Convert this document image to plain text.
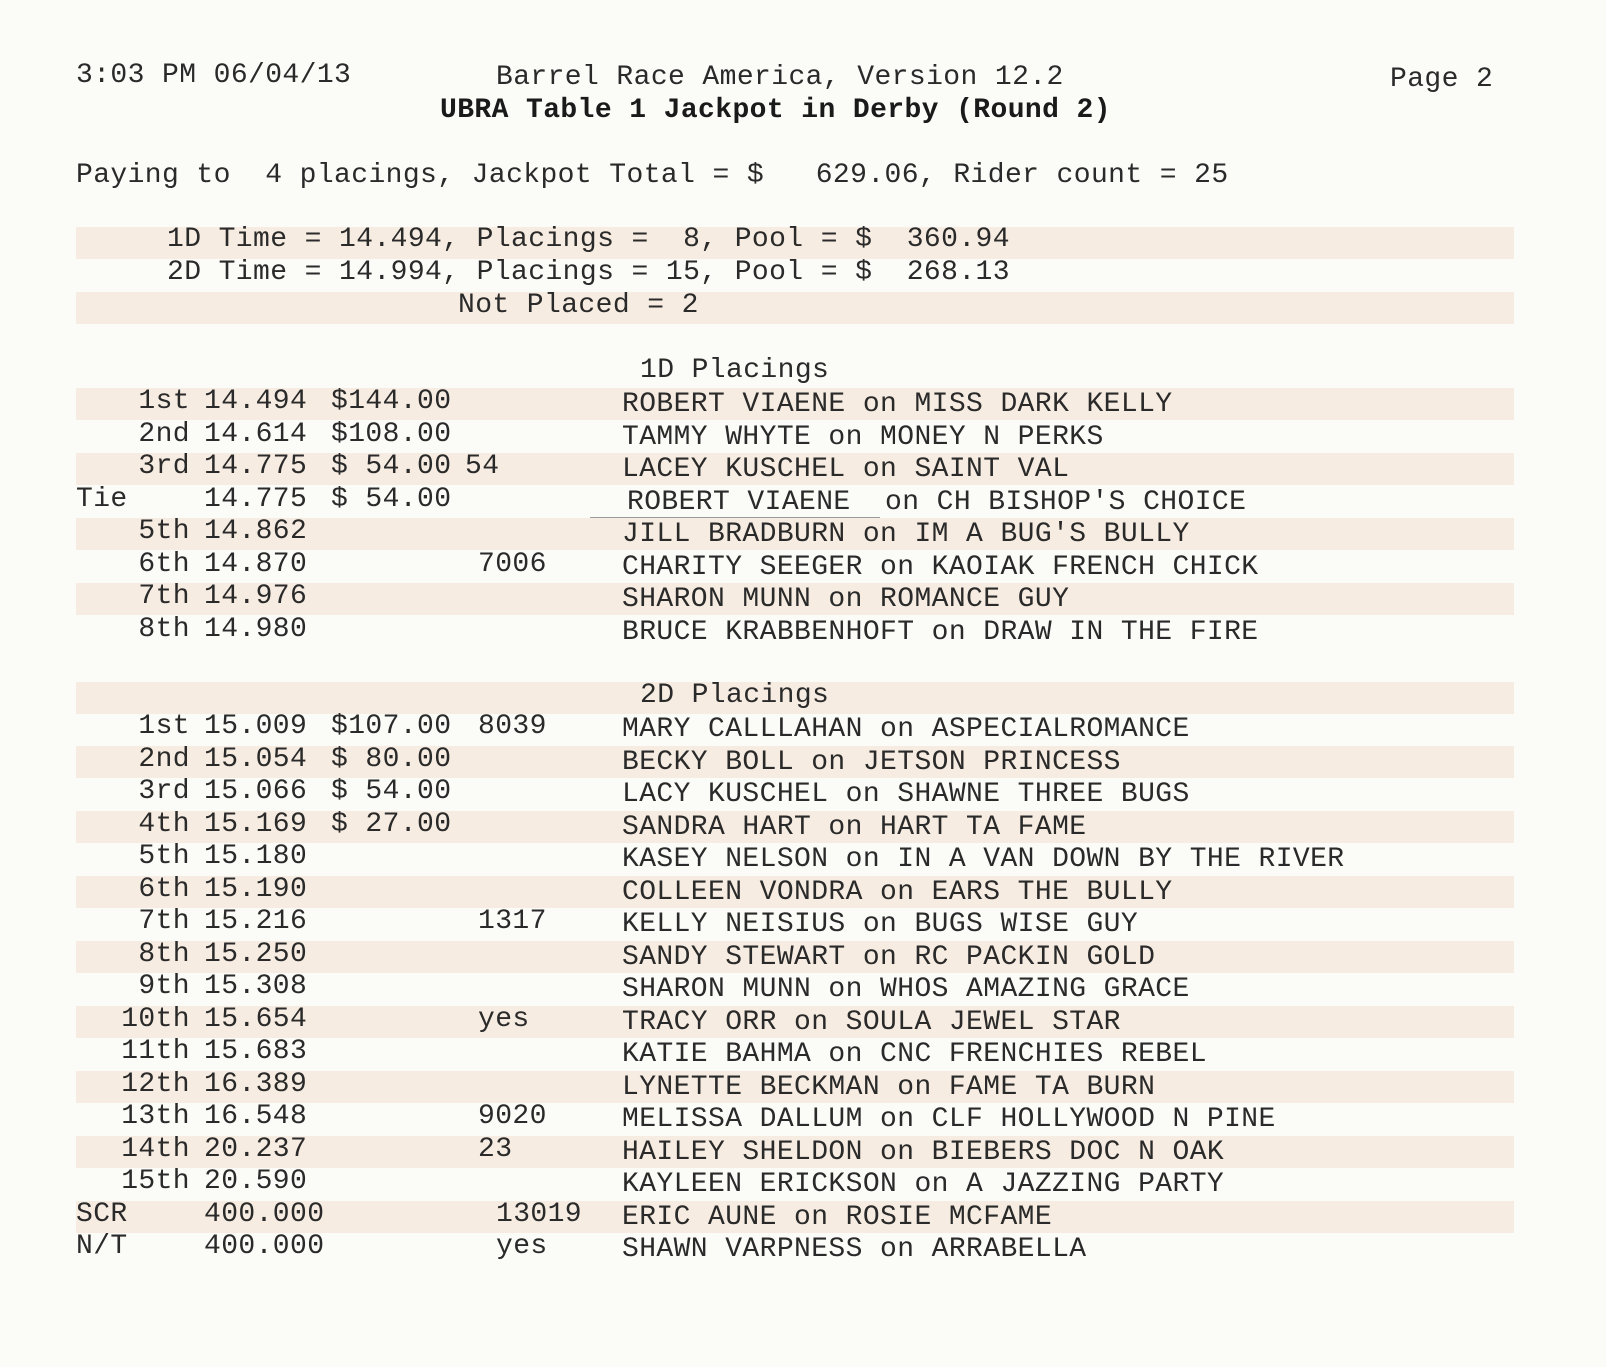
3:03 PM 06/04/13	Barrel Race America, Version 12.2	Page 2
UBRA Table 1 Jackpot in Derby (Round 2)
Paying to  4 placings, Jackpot Total = $   629.06, Rider count = 25
1D Time = 14.494, Placings =  8, Pool = $  360.94
2D Time = 14.994, Placings = 15, Pool = $  268.13
Not Placed = 2
1D Placings
1st 14.494 $144.00	ROBERT VIAENE on MISS DARK KELLY
2nd 14.614 $108.00	TAMMY WHYTE on MONEY N PERKS
3rd 14.775 $ 54.00 54	LACEY KUSCHEL on SAINT VAL
Tie	14.775 $ 54.00	ROBERT VIAENE  on CH BISHOP'S CHOICE
5th 14.862	JILL BRADBURN on IM A BUG'S BULLY
6th 14.870	7006	CHARITY SEEGER on KAOIAK FRENCH CHICK
7th 14.976	SHARON MUNN on ROMANCE GUY
8th 14.980	BRUCE KRABBENHOFT on DRAW IN THE FIRE
2D Placings
1st 15.009 $107.00 8039	MARY CALLLAHAN on ASPECIALROMANCE
2nd 15.054 $ 80.00	BECKY BOLL on JETSON PRINCESS
3rd 15.066 $ 54.00	LACY KUSCHEL on SHAWNE THREE BUGS
4th 15.169 $ 27.00	SANDRA HART on HART TA FAME
5th 15.180	KASEY NELSON on IN A VAN DOWN BY THE RIVER
6th 15.190	COLLEEN VONDRA on EARS THE BULLY
7th 15.216	1317	KELLY NEISIUS on BUGS WISE GUY
8th 15.250	SANDY STEWART on RC PACKIN GOLD
9th 15.308	SHARON MUNN on WHOS AMAZING GRACE
10th 15.654	yes	TRACY ORR on SOULA JEWEL STAR
11th 15.683	KATIE BAHMA on CNC FRENCHIES REBEL
12th 16.389	LYNETTE BECKMAN on FAME TA BURN
13th 16.548	9020	MELISSA DALLUM on CLF HOLLYWOOD N PINE
14th 20.237	23	HAILEY SHELDON on BIEBERS DOC N OAK
15th 20.590	KAYLEEN ERICKSON on A JAZZING PARTY
SCR	400.000	13019 ERIC AUNE on ROSIE MCFAME
N/T	400.000	yes	SHAWN VARPNESS on ARRABELLA
